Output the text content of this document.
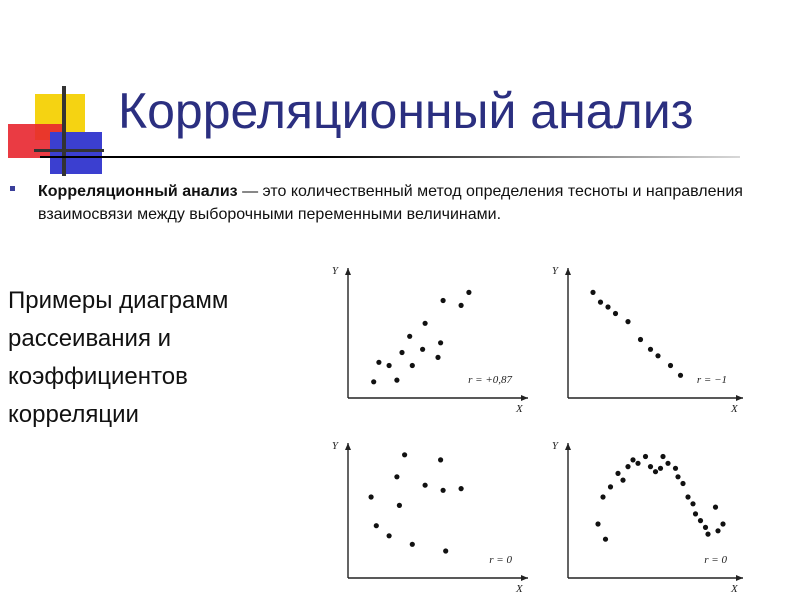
Корреляционный анализ
Корреляционный анализ — это количественный метод определения тесноты и направления взаимосвязи между выборочными переменными величинами.
Примеры диаграмм
рассеивания и
коэффициентов
корреляции
Y
X
r = +0,87
Y
X
r = −1
Y
X
r = 0
Y
X
r = 0
